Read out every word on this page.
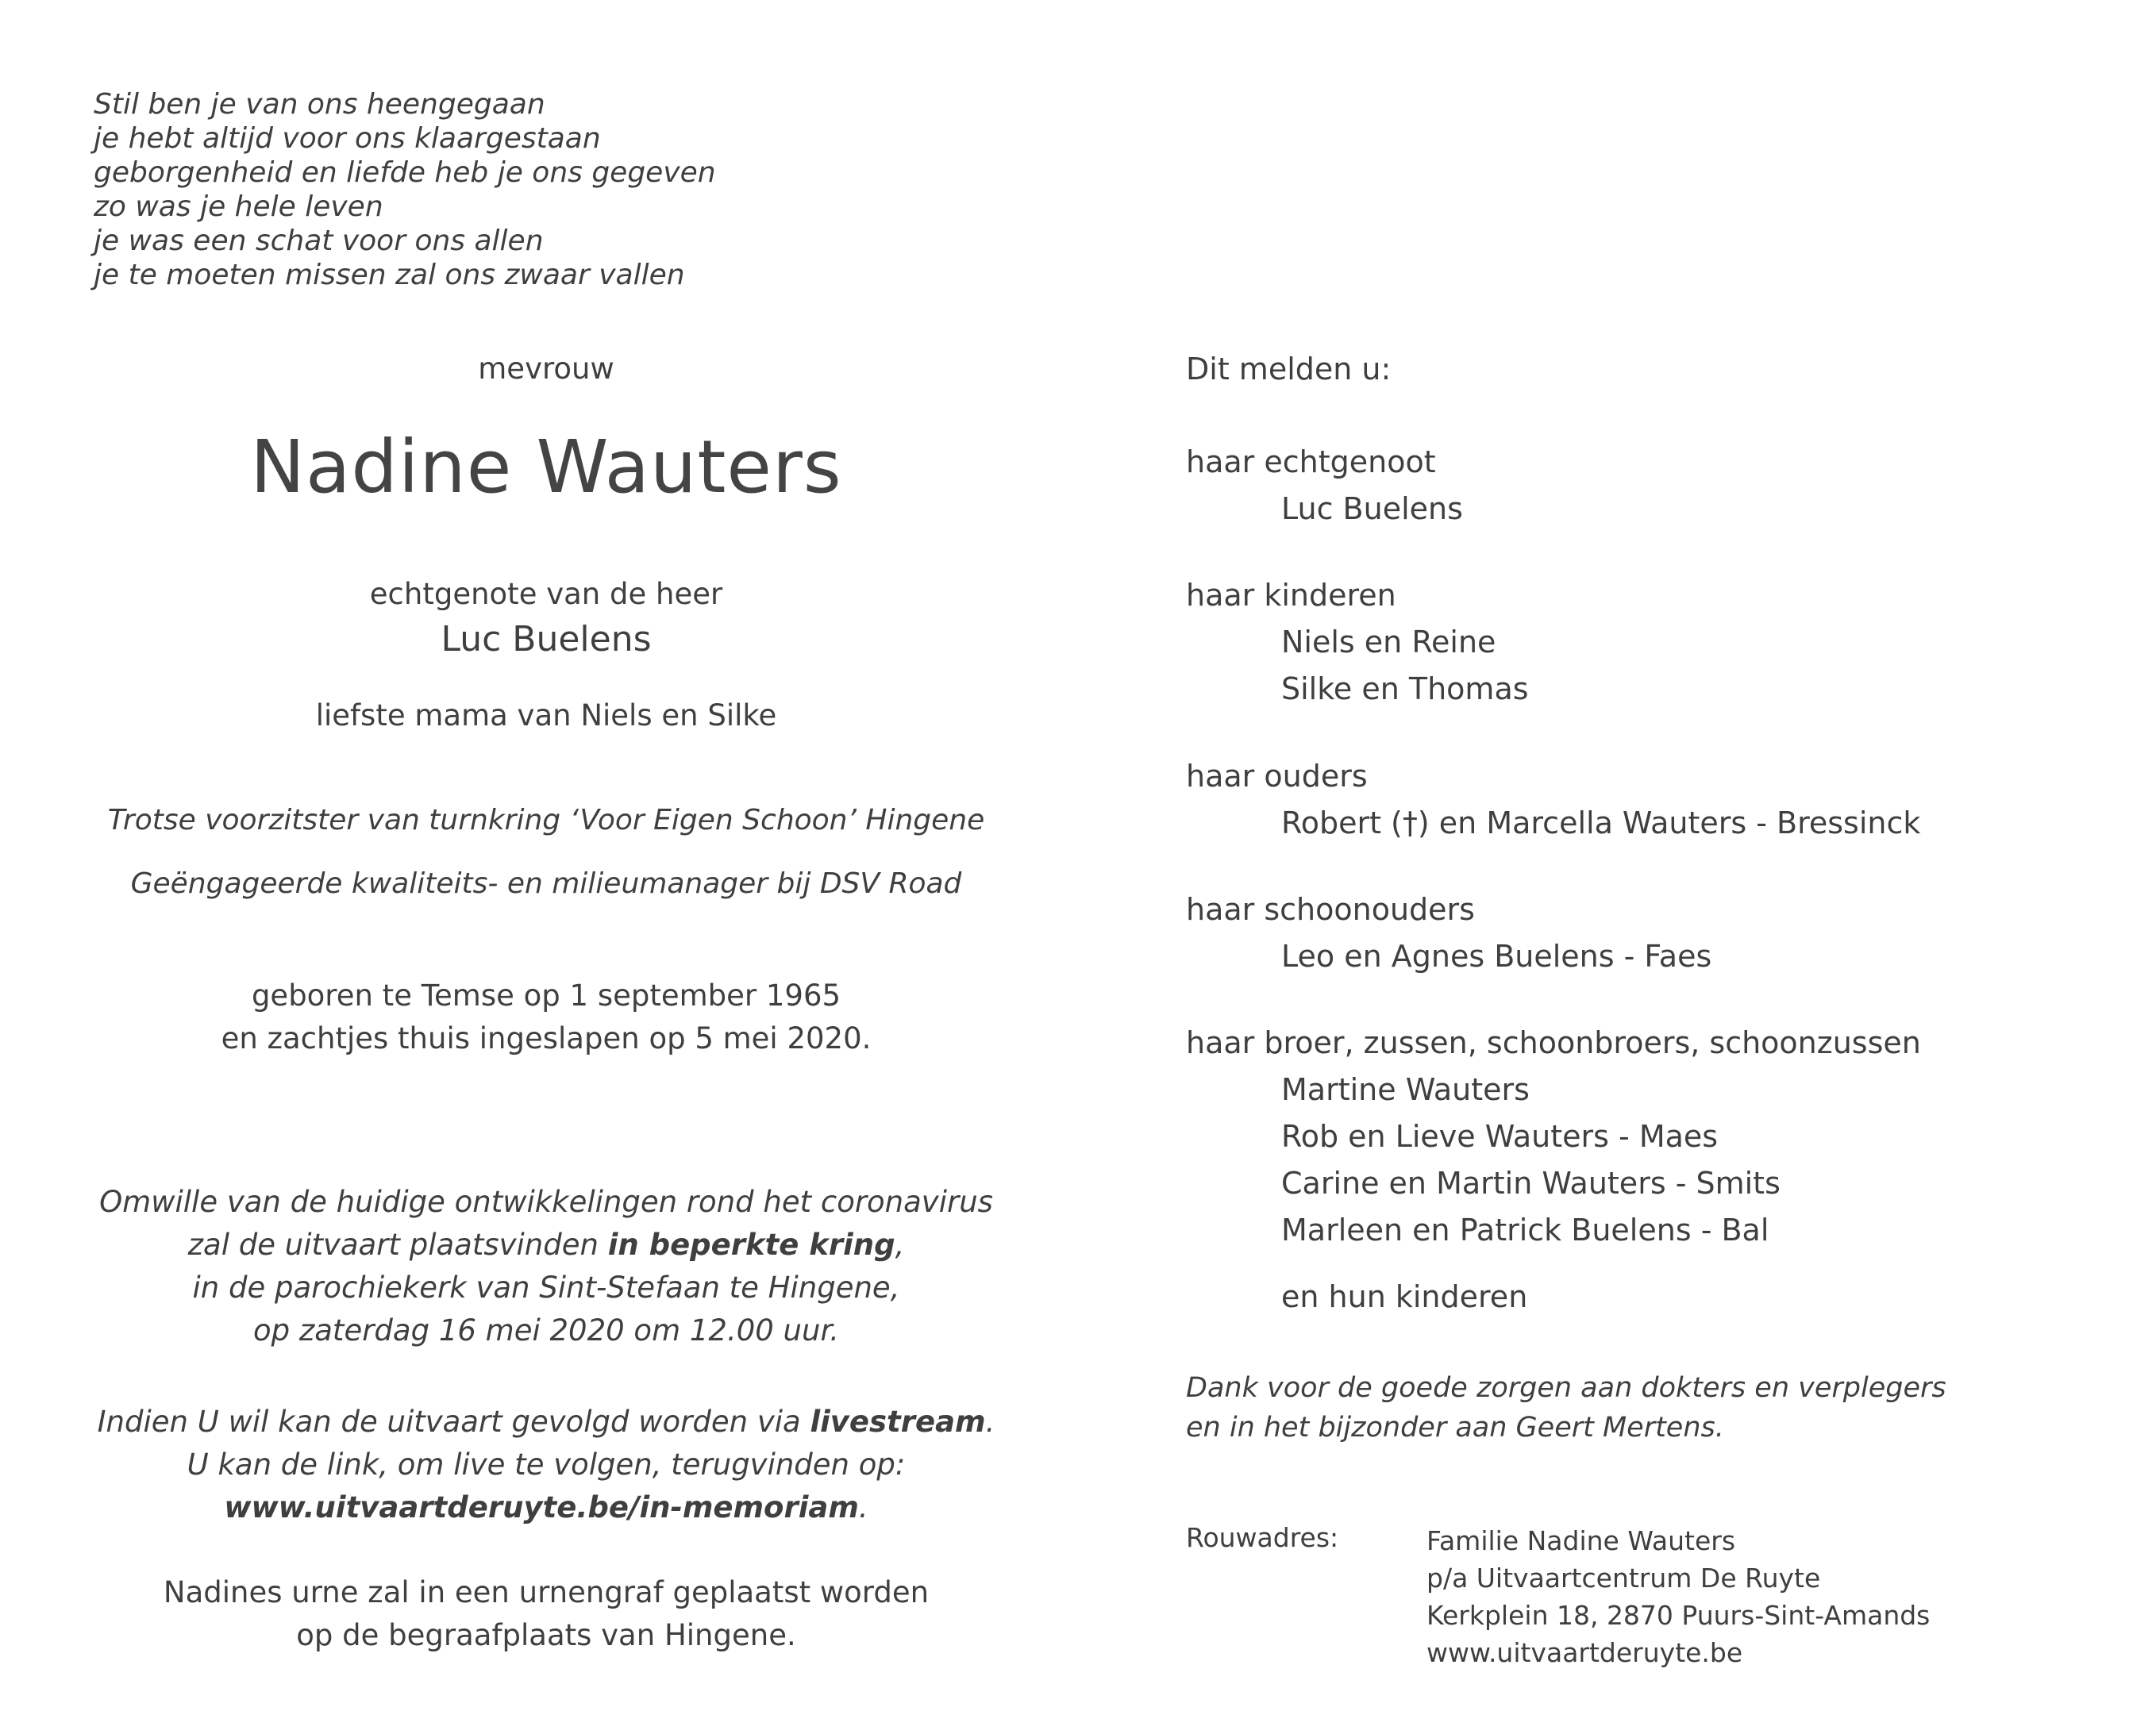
Stil ben je van ons heengegaan
je hebt altijd voor ons klaargestaan
geborgenheid en liefde heb je ons gegeven
zo was je hele leven
je was een schat voor ons allen
je te moeten missen zal ons zwaar vallen
mevrouw
Nadine Wauters
echtgenote van de heer
Luc Buelens
liefste mama van Niels en Silke
Trotse voorzitster van turnkring ‘Voor Eigen Schoon’ Hingene
Geëngageerde kwaliteits- en milieumanager bij DSV Road
geboren te Temse op 1 september 1965
en zachtjes thuis ingeslapen op 5 mei 2020.
Omwille van de huidige ontwikkelingen rond het coronavirus
zal de uitvaart plaatsvinden in beperkte kring,
in de parochiekerk van Sint-Stefaan te Hingene,
op zaterdag 16 mei 2020 om 12.00 uur.
Indien U wil kan de uitvaart gevolgd worden via livestream.
U kan de link, om live te volgen, terugvinden op:
www.uitvaartderuyte.be/in-memoriam.
Nadines urne zal in een urnengraf geplaatst worden
op de begraafplaats van Hingene.
Dit melden u:
haar echtgenoot
Luc Buelens
haar kinderen
Niels en Reine
Silke en Thomas
haar ouders
Robert (†) en Marcella Wauters - Bressinck
haar schoonouders
Leo en Agnes Buelens - Faes
haar broer, zussen, schoonbroers, schoonzussen
Martine Wauters
Rob en Lieve Wauters - Maes
Carine en Martin Wauters - Smits
Marleen en Patrick Buelens - Bal
en hun kinderen
Dank voor de goede zorgen aan dokters en verplegers
en in het bijzonder aan Geert Mertens.
Rouwadres:	Familie Nadine Wauters
p/a Uitvaartcentrum De Ruyte
Kerkplein 18, 2870 Puurs-Sint-Amands
www.uitvaartderuyte.be
